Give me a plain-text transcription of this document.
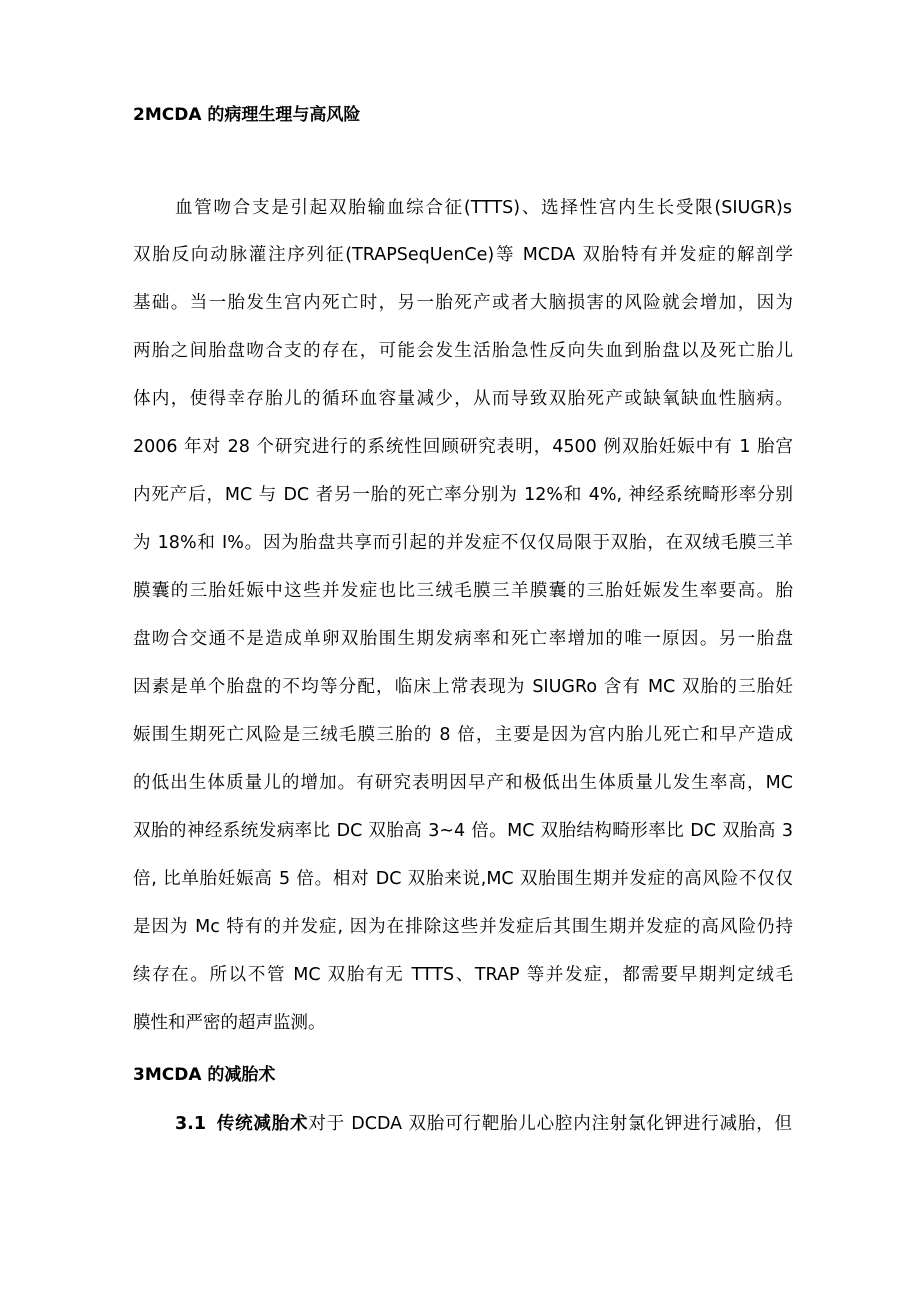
2MCDA 的病理生理与高风险
血管吻合支是引起双胎输血综合征(TTTS)、选择性宫内生长受限(SIUGR)s
双胎反向动脉灌注序列征(TRAPSeqUenCe)等 MCDA 双胎特有并发症的解剖学
基础。当一胎发生宫内死亡时，另一胎死产或者大脑损害的风险就会增加，因为
两胎之间胎盘吻合支的存在，可能会发生活胎急性反向失血到胎盘以及死亡胎儿
体内，使得幸存胎儿的循环血容量减少，从而导致双胎死产或缺氧缺血性脑病。
2006 年对 28 个研究进行的系统性回顾研究表明，4500 例双胎妊娠中有 1 胎宫
内死产后，MC 与 DC 者另一胎的死亡率分别为 12%和 4%, 神经系统畸形率分别
为 18%和 I%。因为胎盘共享而引起的并发症不仅仅局限于双胎，在双绒毛膜三羊
膜囊的三胎妊娠中这些并发症也比三绒毛膜三羊膜囊的三胎妊娠发生率要高。胎
盘吻合交通不是造成单卵双胎围生期发病率和死亡率增加的唯一原因。另一胎盘
因素是单个胎盘的不均等分配，临床上常表现为 SIUGRo 含有 MC 双胎的三胎妊
娠围生期死亡风险是三绒毛膜三胎的 8 倍，主要是因为宫内胎儿死亡和早产造成
的低出生体质量儿的增加。有研究表明因早产和极低出生体质量儿发生率高，MC
双胎的神经系统发病率比 DC 双胎高 3~4 倍。MC 双胎结构畸形率比 DC 双胎高 3
倍, 比单胎妊娠高 5 倍。相对 DC 双胎来说,MC 双胎围生期并发症的高风险不仅仅
是因为 Mc 特有的并发症, 因为在排除这些并发症后其围生期并发症的高风险仍持
续存在。所以不管 MC 双胎有无 TTTS、TRAP 等并发症，都需要早期判定绒毛
膜性和严密的超声监测。
3MCDA 的减胎术
3.1 传统减胎术对于 DCDA 双胎可行靶胎儿心腔内注射氯化钾进行减胎，但
